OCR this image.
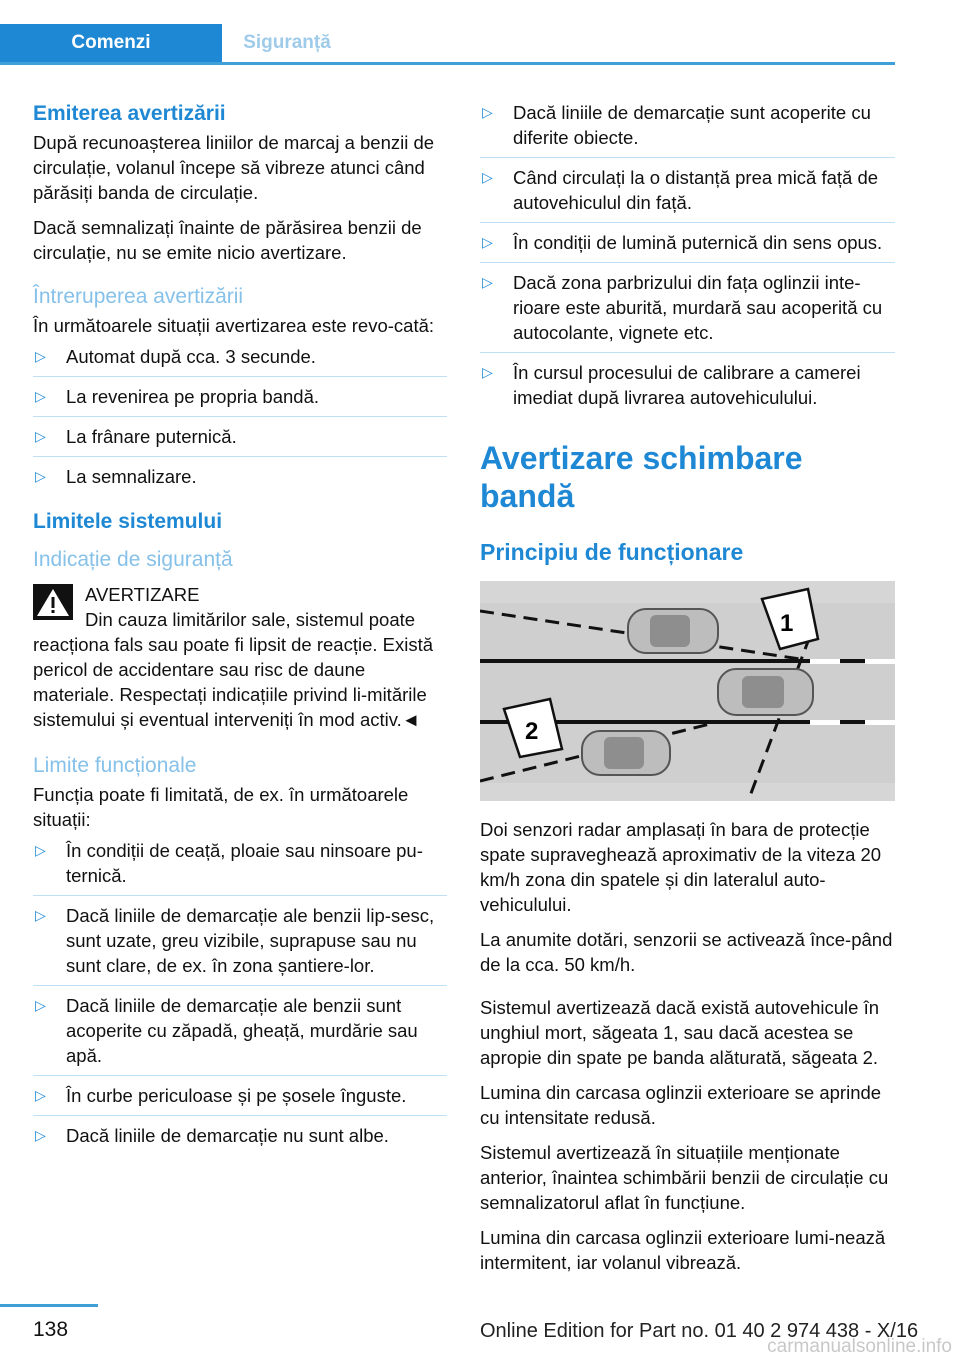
Comenzi	Siguranță
Emiterea avertizării

După recunoașterea liniilor de marcaj a benzii de circulație, volanul începe să vibreze atunci când părăsiți banda de circulație.

Dacă semnalizați înainte de părăsirea benzii de circulație, nu se emite nicio avertizare.

Întreruperea avertizării

În următoarele situații avertizarea este revo-cată:

▷ Automat după cca. 3 secunde.
▷ La revenirea pe propria bandă.
▷ La frânare puternică.
▷ La semnalizare.
Limitele sistemului
Indicație de siguranță

AVERTIZARE

Din cauza limitărilor sale, sistemul poate

reacționa fals sau poate fi lipsit de reacție. Există pericol de accidentare sau risc de daune materiale. Respectați indicațiile privind li-mitările sistemului și eventual interveniți în mod activ.◄

Limite funcționale

Funcția poate fi limitată, de ex. în următoarele situații:

▷ În condiții de ceață, ploaie sau ninsoare pu-ternică.
▷ Dacă liniile de demarcație ale benzii lip-sesc, sunt uzate, greu vizibile, suprapuse sau nu sunt clare, de ex. în zona șantiere-lor.
▷ Dacă liniile de demarcație ale benzii sunt acoperite cu zăpadă, gheață, murdărie sau apă.
▷ În curbe periculoase și pe șosele înguste.
▷ Dacă liniile de demarcație nu sunt albe.
▷ Dacă liniile de demarcație sunt acoperite cu diferite obiecte.
▷ Când circulați la o distanță prea mică față de autovehiculul din față.
▷ În condiții de lumină puternică din sens opus.
▷ Dacă zona parbrizului din fața oglinzii inte-rioare este aburită, murdară sau acoperită cu autocolante, vignete etc.
▷ În cursul procesului de calibrare a camerei imediat după livrarea autovehiculului.
Avertizare schimbare bandă
Principiu de funcționare
1
2

Doi senzori radar amplasați în bara de protecție spate supraveghează aproximativ de la viteza 20 km/h zona din spatele și din lateralul auto-vehiculului.

La anumite dotări, senzorii se activează înce-pând de la cca. 50 km/h.

Sistemul avertizează dacă există autovehicule în unghiul mort, săgeata 1, sau dacă acestea se apropie din spate pe banda alăturată, săgeata 2.

Lumina din carcasa oglinzii exterioare se aprinde cu intensitate redusă.

Sistemul avertizează în situațiile menționate anterior, înaintea schimbării benzii de circulație cu semnalizatorul aflat în funcțiune.

Lumina din carcasa oglinzii exterioare lumi-nează intermitent, iar volanul vibrează.

138	Online Edition for Part no. 01 40 2 974 438 - X/16
carmanualsonline.info
